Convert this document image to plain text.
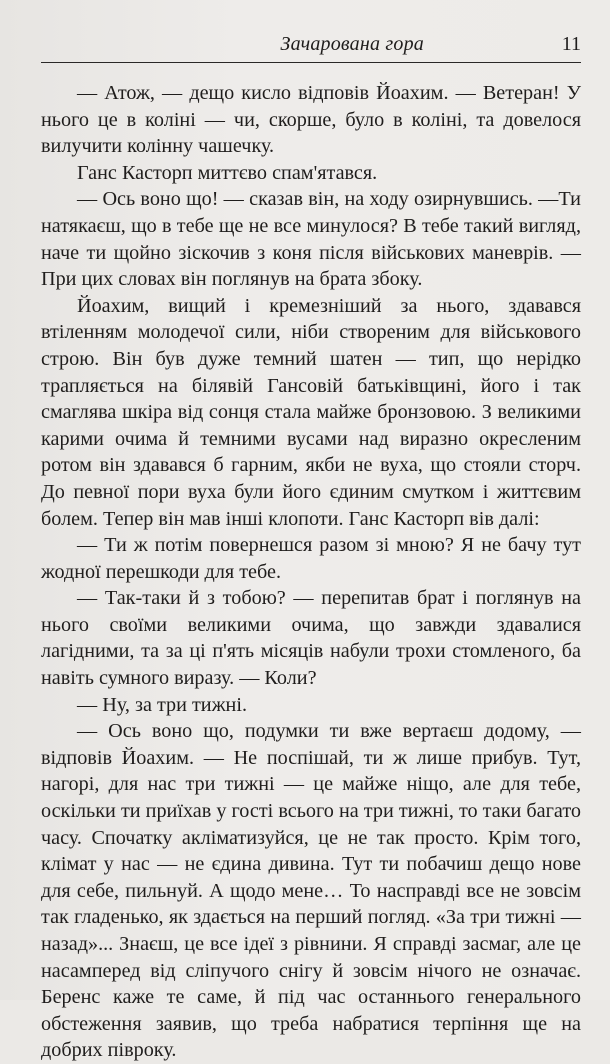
Зачарована гора	11

— Атож, — дещо кисло відповів Йоахим. — Ветеран! У нього це в коліні — чи, скорше, було в коліні, та довелося вилучити колінну чашечку.

Ганс Касторп миттєво спам'ятався.

— Ось воно що! — сказав він, на ходу озирнувшись. —Ти натякаєш, що в тебе ще не все минулося? В тебе такий вигляд, наче ти щойно зіскочив з коня після військових маневрів. — При цих словах він поглянув на брата збоку.

Йоахим, вищий і кремезніший за нього, здавався втіленням молодечої сили, ніби створеним для військового строю. Він був дуже темний шатен — тип, що нерідко трапляється на білявій Гансовій батьківщині, його і так смаглява шкіра від сонця стала майже бронзовою. З великими карими очима й темними вусами над виразно окресленим ротом він здавався б гарним, якби не вуха, що стояли сторч. До певної пори вуха були його єдиним смутком і життєвим болем. Тепер він мав інші клопоти. Ганс Касторп вів далі:

— Ти ж потім повернешся разом зі мною? Я не бачу тут жодної перешкоди для тебе.

— Так-таки й з тобою? — перепитав брат і поглянув на нього своїми великими очима, що завжди здавалися лагідними, та за ці п'ять місяців набули трохи стомленого, ба навіть сумного виразу. — Коли?

— Ну, за три тижні.

— Ось воно що, подумки ти вже вертаєш додому, — відповів Йоахим. — Не поспішай, ти ж лише прибув. Тут, нагорі, для нас три тижні — це майже ніщо, але для тебе, оскільки ти приїхав у гості всього на три тижні, то таки багато часу. Спочатку акліматизуйся, це не так просто. Крім того, клімат у нас — не єдина дивина. Тут ти побачиш дещо нове для себе, пильнуй. А щодо мене… То насправді все не зовсім так гладенько, як здається на перший погляд. «За три тижні — назад»... Знаєш, це все ідеї з рівнини. Я справді засмаг, але це насамперед від сліпучого снігу й зовсім нічого не означає. Беренс каже те саме, й під час останнього генерального обстеження заявив, що треба набратися терпіння ще на добрих півроку.
